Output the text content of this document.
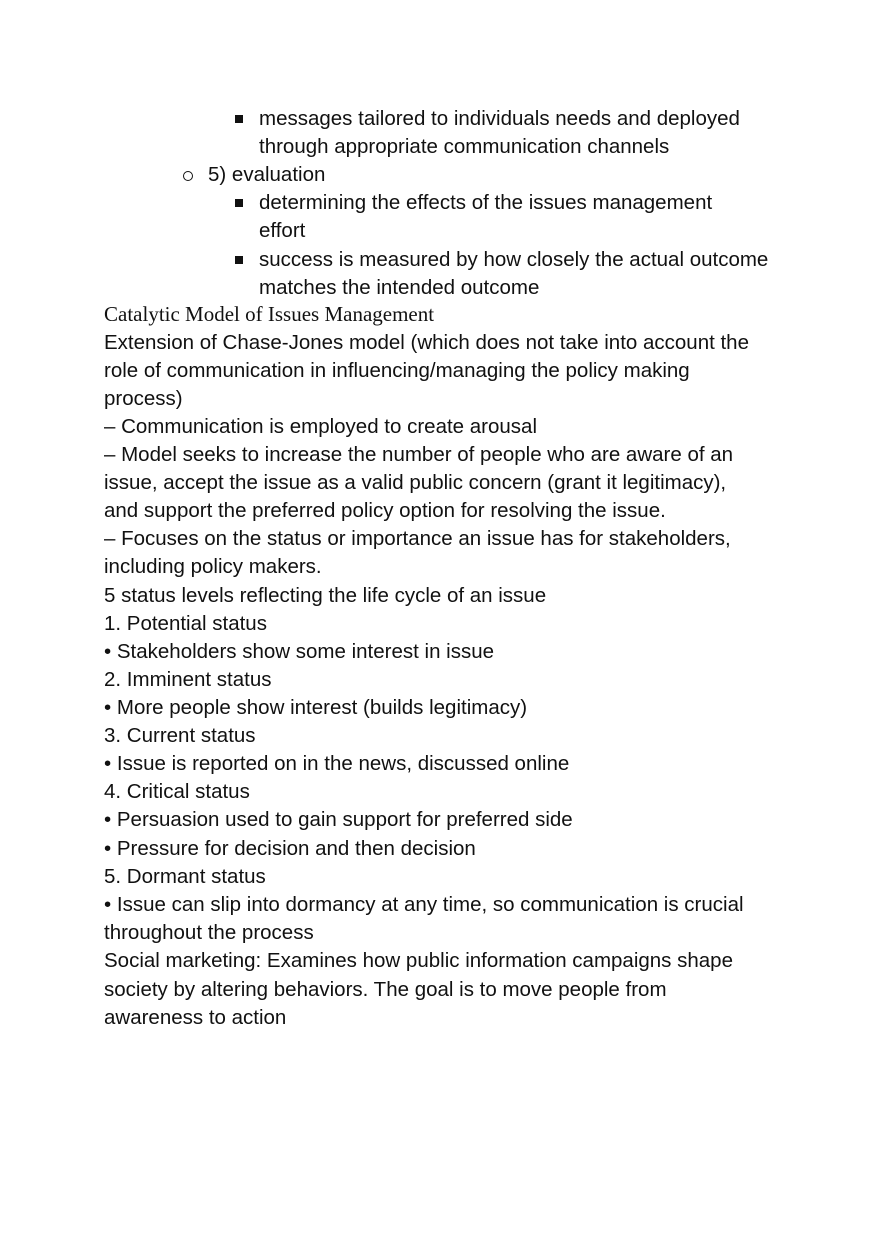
messages tailored to individuals needs and deployed
through appropriate communication channels
5) evaluation
determining the effects of the issues management
effort
success is measured by how closely the actual outcome
matches the intended outcome
Catalytic Model of Issues Management
Extension of Chase-Jones model (which does not take into account the
role of communication in influencing/managing the policy making
process)
– Communication is employed to create arousal
– Model seeks to increase the number of people who are aware of an
issue, accept the issue as a valid public concern (grant it legitimacy),
and support the preferred policy option for resolving the issue.
– Focuses on the status or importance an issue has for stakeholders,
including policy makers.
5 status levels reflecting the life cycle of an issue
1. Potential status
• Stakeholders show some interest in issue
2. Imminent status
• More people show interest (builds legitimacy)
3. Current status
• Issue is reported on in the news, discussed online
4. Critical status
• Persuasion used to gain support for preferred side
• Pressure for decision and then decision
5. Dormant status
• Issue can slip into dormancy at any time, so communication is crucial
throughout the process
Social marketing: Examines how public information campaigns shape
society by altering behaviors. The goal is to move people from
awareness to action
